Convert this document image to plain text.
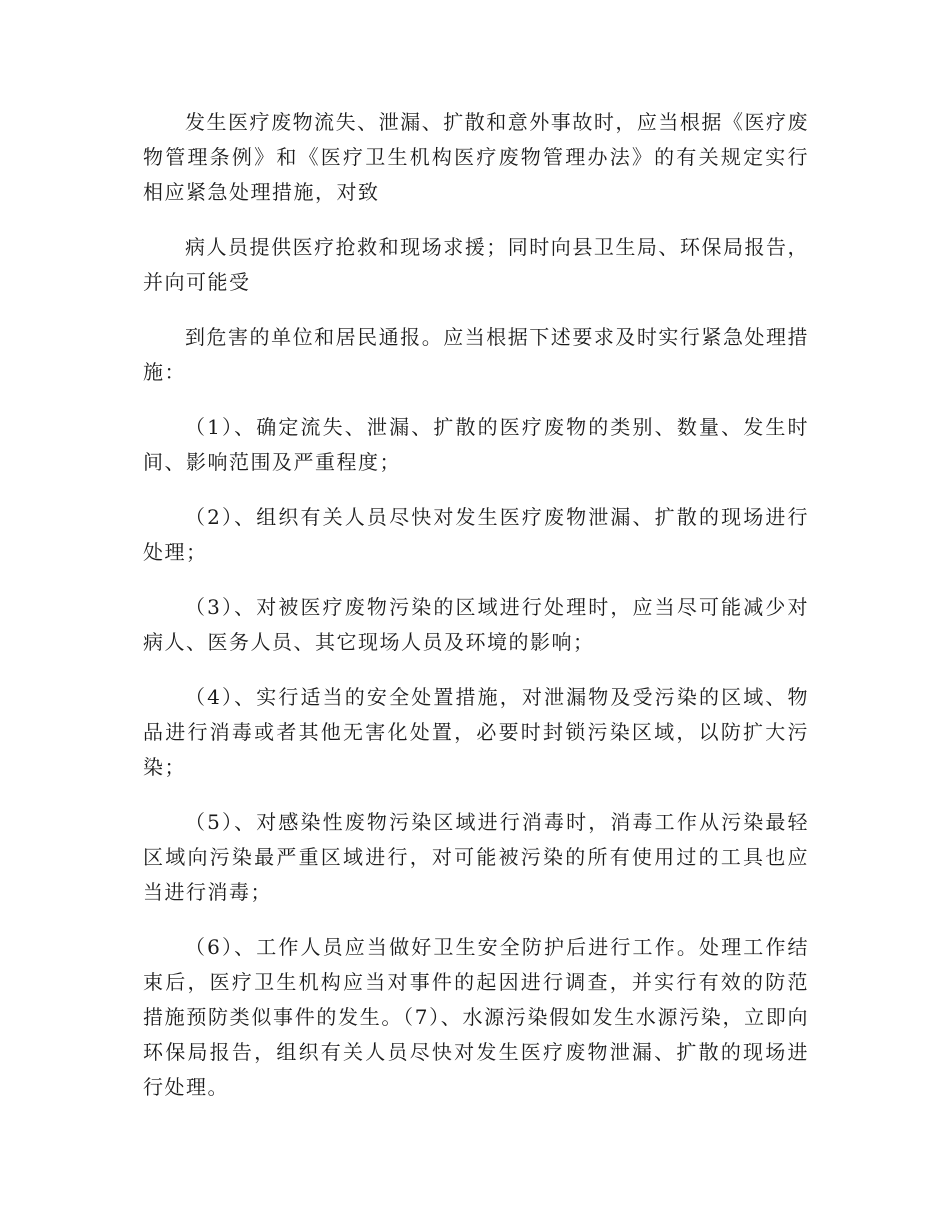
发生医疗废物流失、泄漏、扩散和意外事故时，应当根据《医疗废物管理条例》和《医疗卫生机构医疗废物管理办法》的有关规定实行相应紧急处理措施，对致

病人员提供医疗抢救和现场求援；同时向县卫生局、环保局报告，并向可能受

到危害的单位和居民通报。应当根据下述要求及时实行紧急处理措施：

（1）、确定流失、泄漏、扩散的医疗废物的类别、数量、发生时间、影响范围及严重程度；

（2）、组织有关人员尽快对发生医疗废物泄漏、扩散的现场进行处理；

（3）、对被医疗废物污染的区域进行处理时，应当尽可能减少对病人、医务人员、其它现场人员及环境的影响；

（4）、实行适当的安全处置措施，对泄漏物及受污染的区域、物品进行消毒或者其他无害化处置，必要时封锁污染区域，以防扩大污染；

（5）、对感染性废物污染区域进行消毒时，消毒工作从污染最轻区域向污染最严重区域进行，对可能被污染的所有使用过的工具也应当进行消毒；

（6）、工作人员应当做好卫生安全防护后进行工作。处理工作结束后，医疗卫生机构应当对事件的起因进行调查，并实行有效的防范措施预防类似事件的发生。（7）、水源污染假如发生水源污染，立即向环保局报告，组织有关人员尽快对发生医疗废物泄漏、扩散的现场进行处理。
